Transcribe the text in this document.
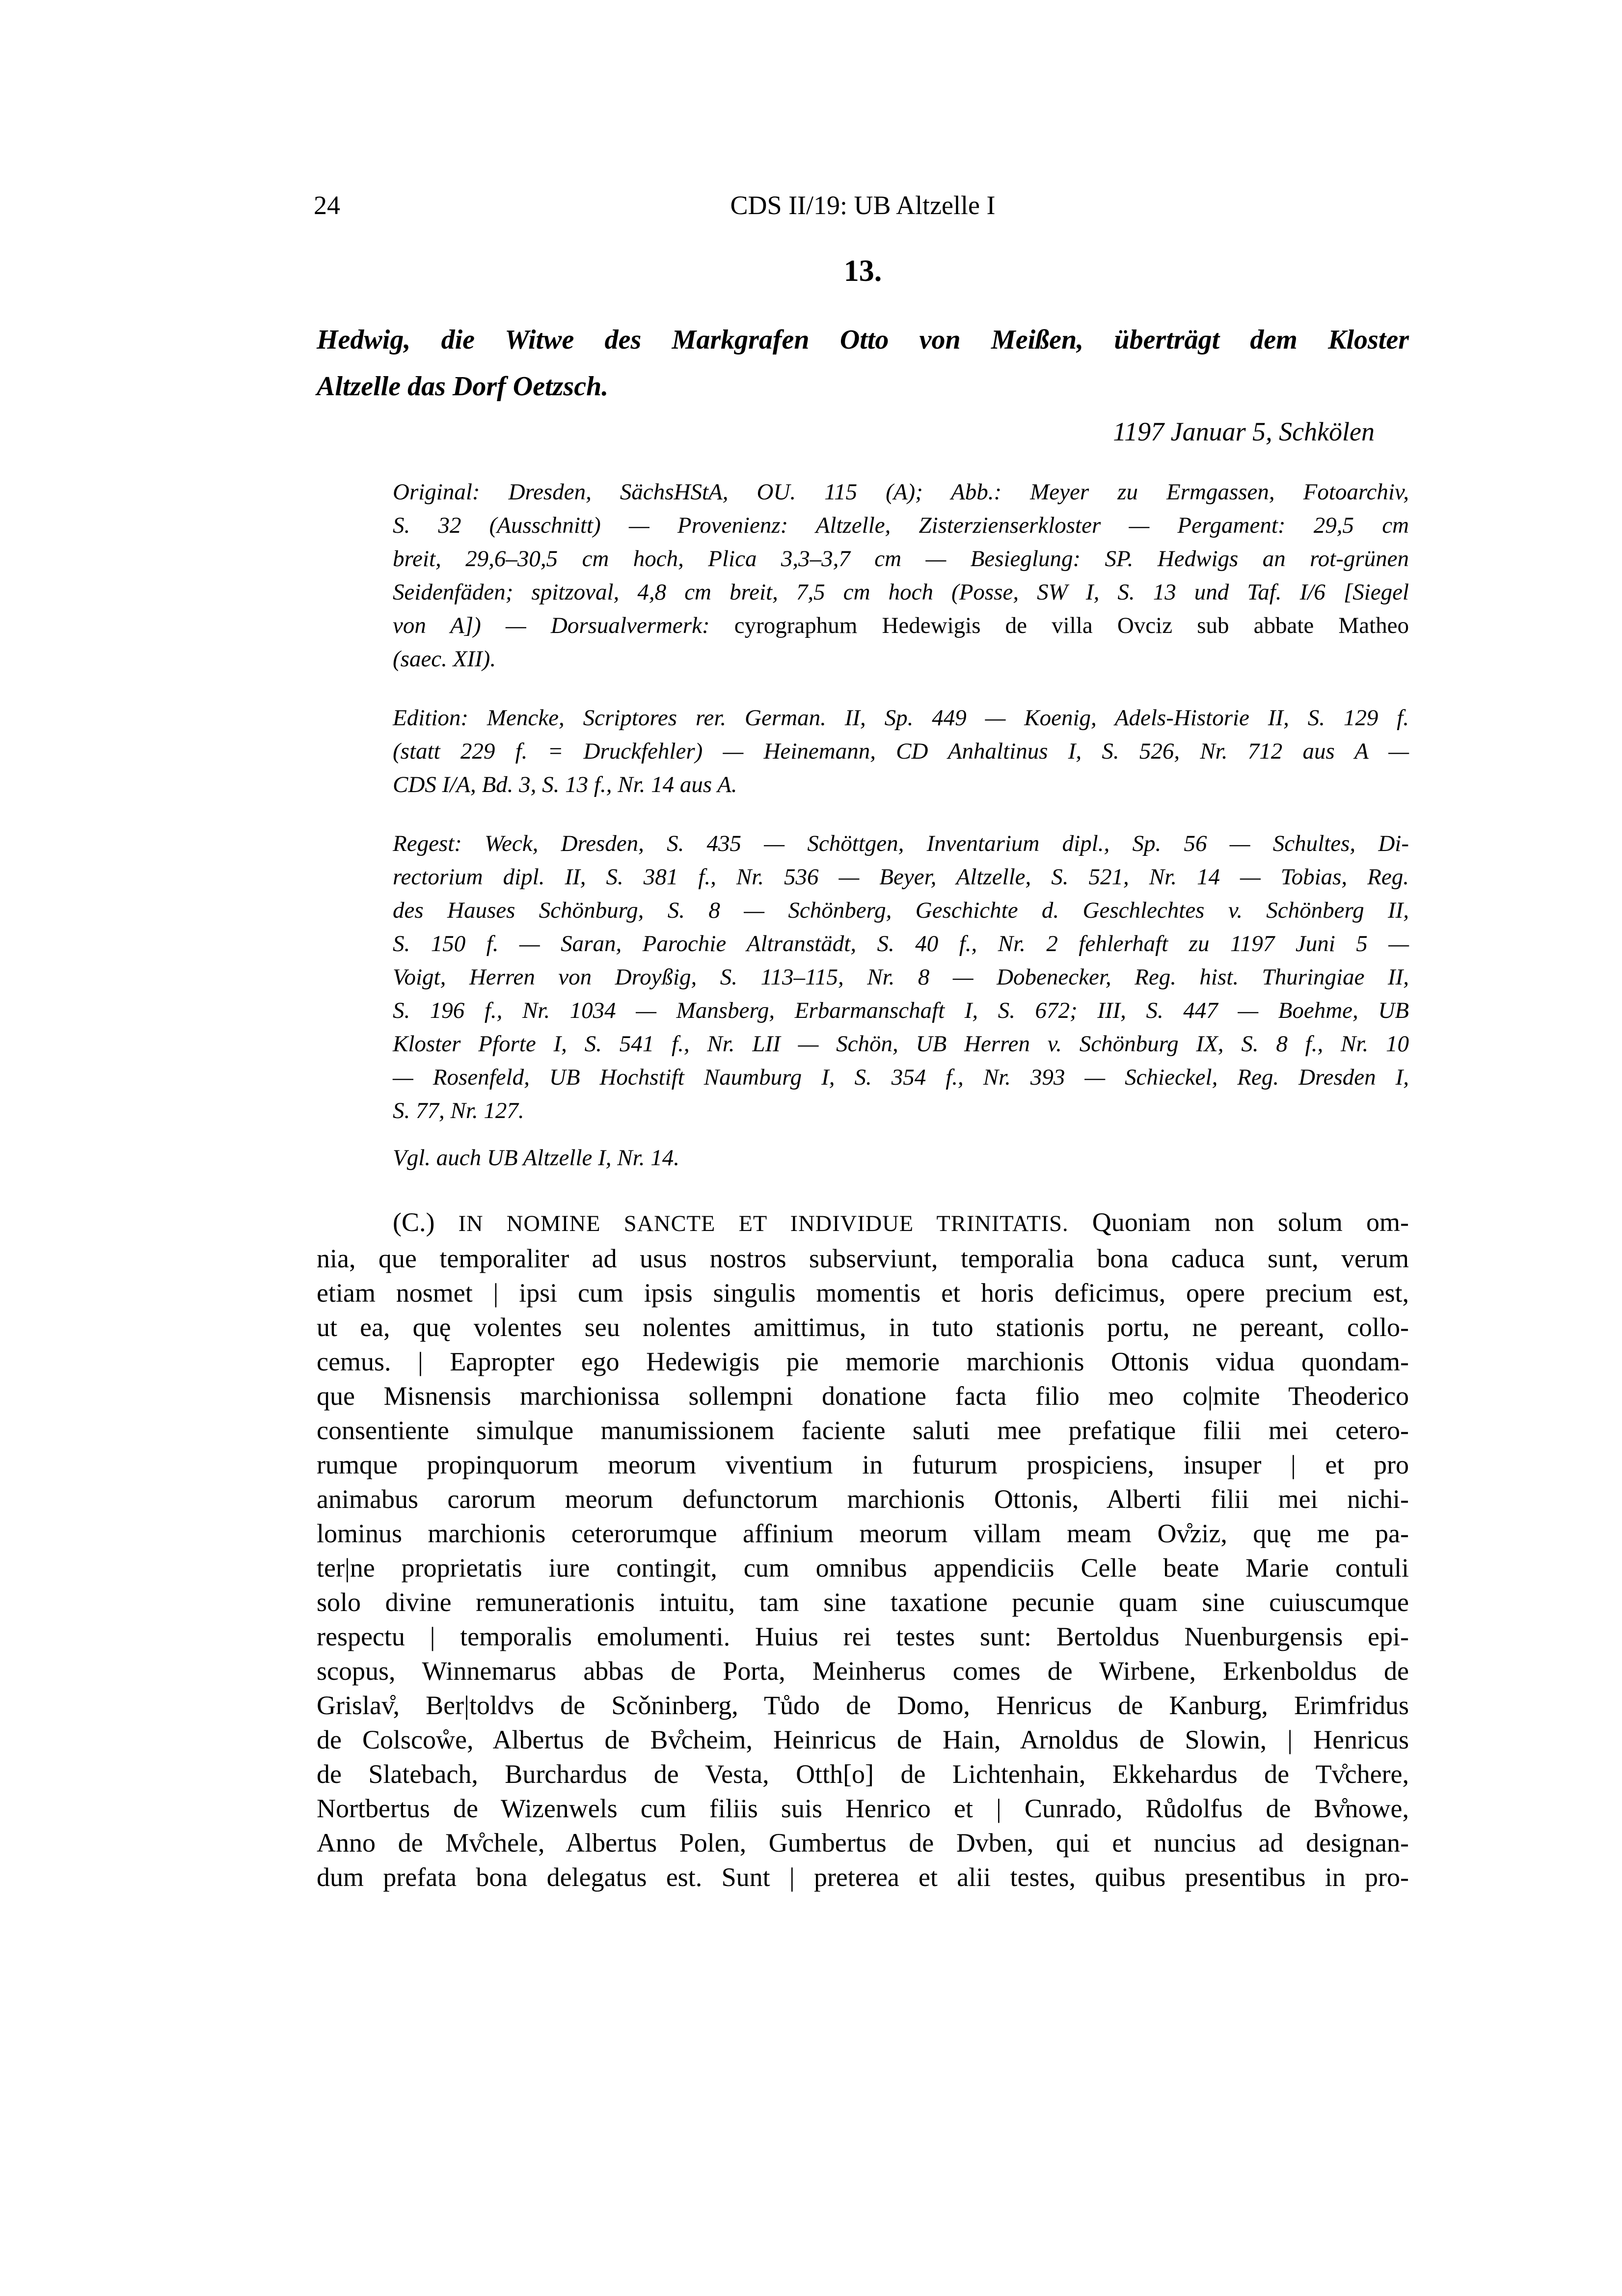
24	CDS II/19: UB Altzelle I
13.
Hedwig, die Witwe des Markgrafen Otto von Meißen, überträgt dem Kloster
Altzelle das Dorf Oetzsch.
1197 Januar 5, Schkölen
Original: Dresden, SächsHStA, OU. 115 (A); Abb.: Meyer zu Ermgassen, Fotoarchiv,
S. 32 (Ausschnitt) — Provenienz: Altzelle, Zisterzienserkloster — Pergament: 29,5 cm
breit, 29,6–30,5 cm hoch, Plica 3,3–3,7 cm — Besieglung: SP. Hedwigs an rot-grünen
Seidenfäden; spitzoval, 4,8 cm breit, 7,5 cm hoch (Posse, SW I, S. 13 und Taf. I/6 [Siegel
von A]) — Dorsualvermerk: cyrographum Hedewigis de villa Ovciz sub abbate Matheo
(saec. XII).
Edition: Mencke, Scriptores rer. German. II, Sp. 449 — Koenig, Adels-Historie II, S. 129 f.
(statt 229 f. = Druckfehler) — Heinemann, CD Anhaltinus I, S. 526, Nr. 712 aus A —
CDS I/A, Bd. 3, S. 13 f., Nr. 14 aus A.
Regest: Weck, Dresden, S. 435 — Schöttgen, Inventarium dipl., Sp. 56 — Schultes, Di-
rectorium dipl. II, S. 381 f., Nr. 536 — Beyer, Altzelle, S. 521, Nr. 14 — Tobias, Reg.
des Hauses Schönburg, S. 8 — Schönberg, Geschichte d. Geschlechtes v. Schönberg II,
S. 150 f. — Saran, Parochie Altranstädt, S. 40 f., Nr. 2 fehlerhaft zu 1197 Juni 5 —
Voigt, Herren von Droyßig, S. 113–115, Nr. 8 — Dobenecker, Reg. hist. Thuringiae II,
S. 196 f., Nr. 1034 — Mansberg, Erbarmanschaft I, S. 672; III, S. 447 — Boehme, UB
Kloster Pforte I, S. 541 f., Nr. LII — Schön, UB Herren v. Schönburg IX, S. 8 f., Nr. 10
— Rosenfeld, UB Hochstift Naumburg I, S. 354 f., Nr. 393 — Schieckel, Reg. Dresden I,
S. 77, Nr. 127.
Vgl. auch UB Altzelle I, Nr. 14.
(C.) IN NOMINE SANCTE ET INDIVIDUE TRINITATIS. Quoniam non solum om-
nia, que temporaliter ad usus nostros subserviunt, temporalia bona caduca sunt, verum
etiam nosmet | ipsi cum ipsis singulis momentis et horis deficimus, opere precium est,
ut ea, quę volentes seu nolentes amittimus, in tuto stationis portu, ne pereant, collo-
cemus. | Eapropter ego Hedewigis pie memorie marchionis Ottonis vidua quondam-
que Misnensis marchionissa sollempni donatione facta filio meo co|mite Theoderico
consentiente simulque manumissionem faciente saluti mee prefatique filii mei cetero-
rumque propinquorum meorum viventium in futurum prospiciens, insuper | et pro
animabus carorum meorum defunctorum marchionis Ottonis, Alberti filii mei nichi-
lominus marchionis ceterorumque affinium meorum villam meam Ov̊ziz, quę me pa-
ter|ne proprietatis iure contingit, cum omnibus appendiciis Celle beate Marie contuli
solo divine remunerationis intuitu, tam sine taxatione pecunie quam sine cuiuscumque
respectu | temporalis emolumenti. Huius rei testes sunt: Bertoldus Nuenburgensis epi-
scopus, Winnemarus abbas de Porta, Meinherus comes de Wirbene, Erkenboldus de
Grislav̊, Ber|toldvs de Scǒninberg, Tůdo de Domo, Henricus de Kanburg, Erimfridus
de Colscoẘe, Albertus de Bv̊cheim, Heinricus de Hain, Arnoldus de Slowin, | Henricus
de Slatebach, Burchardus de Vesta, Otth[o] de Lichtenhain, Ekkehardus de Tv̊chere,
Nortbertus de Wizenwels cum filiis suis Henrico et | Cunrado, Růdolfus de Bv̊nowe,
Anno de Mv̊chele, Albertus Polen, Gumbertus de Dvben, qui et nuncius ad designan-
dum prefata bona delegatus est. Sunt | preterea et alii testes, quibus presentibus in pro-
